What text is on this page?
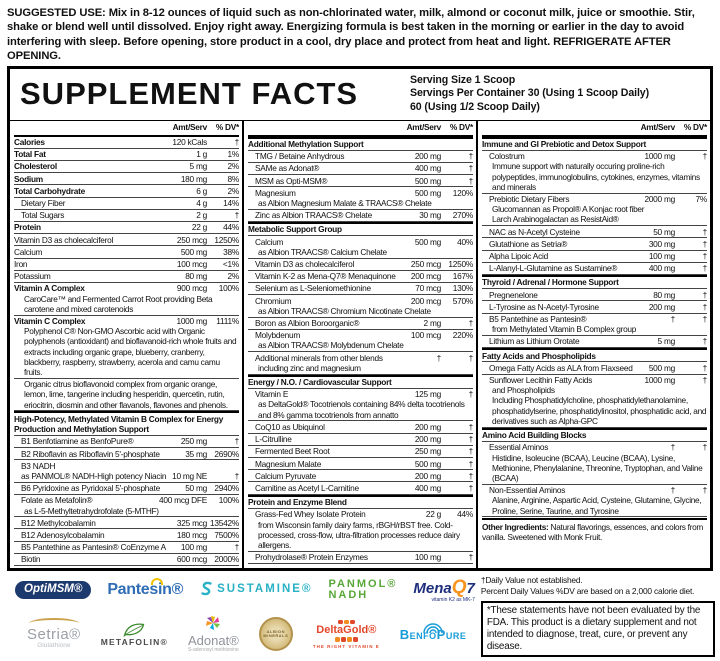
SUGGESTED USE: Mix in 8-12 ounces of liquid such as non-chlorinated water, milk, almond or coconut milk, juice or smoothie. Stir, shake or blend well until dissolved. Enjoy right away. Energizing formula is best taken in the morning or earlier in the day to avoid interfering with sleep. Before opening, store product in a cool, dry place and protect from heat and light. REFRIGERATE AFTER OPENING.
SUPPLEMENT FACTS	Serving Size 1 Scoop
Servings Per Container 30 (Using 1 Scoop Daily)
60 (Using 1/2 Scoop Daily)
Amt/Serv	% DV*
Calories	120 kCals	†
Total Fat	1 g	1%
Cholesterol	5 mg	2%
Sodium	180 mg	8%
Total Carbohydrate	6 g	2%
Dietary Fiber	4 g	14%
Total Sugars	2 g	†
Protein	22 g	44%
Vitamin D3 as cholecalciferol	250 mcg 1250%
Calcium	500 mg	38%
Iron	100 mcg	<1%
Potassium	80 mg	2%
Vitamin A Complex	900 mcg	100%
CaroCare™ and Fermented Carrot Root providing Beta carotene and mixed carotenoids
Vitamin C Complex	1000 mg	1111%
Polyphenol C® Non-GMO Ascorbic acid with Organic polyphenols (antioxidant) and bioflavanoid-rich whole fruits and extracts including organic grape, blueberry, cranberry, blackberry, raspberry, strawberry, acerola and camu camu fruits.
Organic citrus bioflavonoid complex from organic orange, lemon, lime, tangerine including hesperidin, quercetin, rutin, eriocitrin, diosmin and other flavanols, flavones and phenols.
High-Potency, Methylated Vitamin B Complex for Energy Production and Methylation Support
B1 Benfotiamine as BenfoPure®	250 mg	†
B2 Riboflavin as Riboflavin 5'-phosphate	35 mg 2690%
B3 NADH
as PANMOL® NADH-High potency Niacin 10 mg NE	†
B6 Pyridoxine as Pyridoxal 5'-phosphate	50 mg 2940%
Folate as Metafolin®	400 mcg DFE	100%
as L-5-Methyltetrahydrofolate (5-MTHF)
B12 Methylcobalamin	325 mcg 13542%
B12 Adenosylcobalamin	180 mcg 7500%
B5 Pantethine as Pantesin® CoEnzyme A	100 mg	†
Biotin	600 mcg 2000%
Amt/Serv	% DV*
Additional Methylation Support
TMG / Betaine Anhydrous	200 mg	†
SAMe as Adonat®	400 mg	†
MSM as Opti-MSM®	500 mg	†
Magnesium	500 mg	120%
as Albion Magnesium Malate & TRAACS® Chelate
Zinc as Albion TRAACS® Chelate	30 mg	270%
Metabolic Support Group
Calcium	500 mg	40%
as Albion TRAACS® Calcium Chelate
Vitamin D3 as cholecalciferol	250 mcg 1250%
Vitamin K-2 as Mena-Q7® Menaquinone	200 mcg	167%
Selenium as L-Seleniomethionine	70 mcg	130%
Chromium	200 mcg	570%
as Albion TRAACS® Chromium Nicotinate Chelate
Boron as Albion Boroorganic®	2 mg	†
Molybdenum	100 mcg	220%
as Albion TRAACS® Molybdenum Chelate
Additional minerals from other blends	†	†
including zinc and magnesium
Energy / N.O. / Cardiovascular Support
Vitamin E	125 mg	†
as DeltaGold® Tocotrienols containing 84% delta tocotrienols and 8% gamma tocotrienols from annatto
CoQ10 as Ubiquinol	200 mg	†
L-Citrulline	200 mg	†
Fermented Beet Root	250 mg	†
Magnesium Malate	500 mg	†
Calcium Pyruvate	200 mg	†
Carnitine as Acetyl L-Carnitine	400 mg	†
Protein and Enzyme Blend
Grass-Fed Whey Isolate Protein	22 g	44%
from Wisconsin family dairy farms, rBGH/rBST free. Cold-processed, cross-flow, ultra-filtration processes reduce dairy allergens.
Prohydrolase® Protein Enzymes	100 mg	†
Amt/Serv	% DV*
Immune and GI Prebiotic and Detox Support
Colostrum	1000 mg	†
Immune support with naturally occuring proline-rich polypeptides, immunoglobulins, cytokines, enzymes, vitamins and minerals
Prebiotic Dietary Fibers	2000 mg	7%
Glucomannan as Propol® A Konjac root fiber
Larch Arabinogalactan as ResistAid®
NAC as N-Acetyl Cysteine	50 mg	†
Glutathione as Setria®	300 mg	†
Alpha Lipoic Acid	100 mg	†
L-Alanyl-L-Glutamine as Sustamine®	400 mg	†
Thyroid / Adrenal / Hormone Support
Pregnenelone	80 mg	†
L-Tyrosine as N-Acetyl-Tyrosine	200 mg	†
B5 Pantethine as Pantesin®	†	†
from Methylated Vitamin B Complex group
Lithium as Lithium Orotate	5 mg	†
Fatty Acids and Phospholipids
Omega Fatty Acids as ALA from Flaxseed	500 mg	†
Sunflower Lecithin Fatty Acids	1000 mg	†
and Phospholipids
Including Phosphatidylcholine, phosphatidylethanolamine, phosphatidylserine, phosphatidylinositol, phosphatidic acid, and derivatives such as Alpha-GPC
Amino Acid Building Blocks
Essential Aminos	†	†
Histidine, Isoleucine (BCAA), Leucine (BCAA), Lysine, Methionine, Phenylalanine, Threonine, Tryptophan, and Valine (BCAA)
Non-Essential Aminos	†	†
Alanine, Arginine, Aspartic Acid, Cysteine, Glutamine, Glycine, Proline, Serine, Taurine, and Tyrosine
Other Ingredients: Natural flavorings, essences, and colors from vanilla. Sweetened with Monk Fruit.
OptiMSM®	Pantesin®	SUSTAMINE® PANMOL® NADH	MenaQ7
vitamin K2 as MK-7
Setria®
Glutathione	METAFOLIN® Adonat®
S-adenosyl methionine
ALBION
MINERALS	DeltaGold®
THE RIGHT VITAMIN E
BenfoPure
†Daily Value not established.
Percent Daily Values %DV are based on a 2,000 calorie diet.
*These statements have not been evaluated by the FDA. This product is a dietary supplement and not intended to diagnose, treat, cure, or prevent any disease.
